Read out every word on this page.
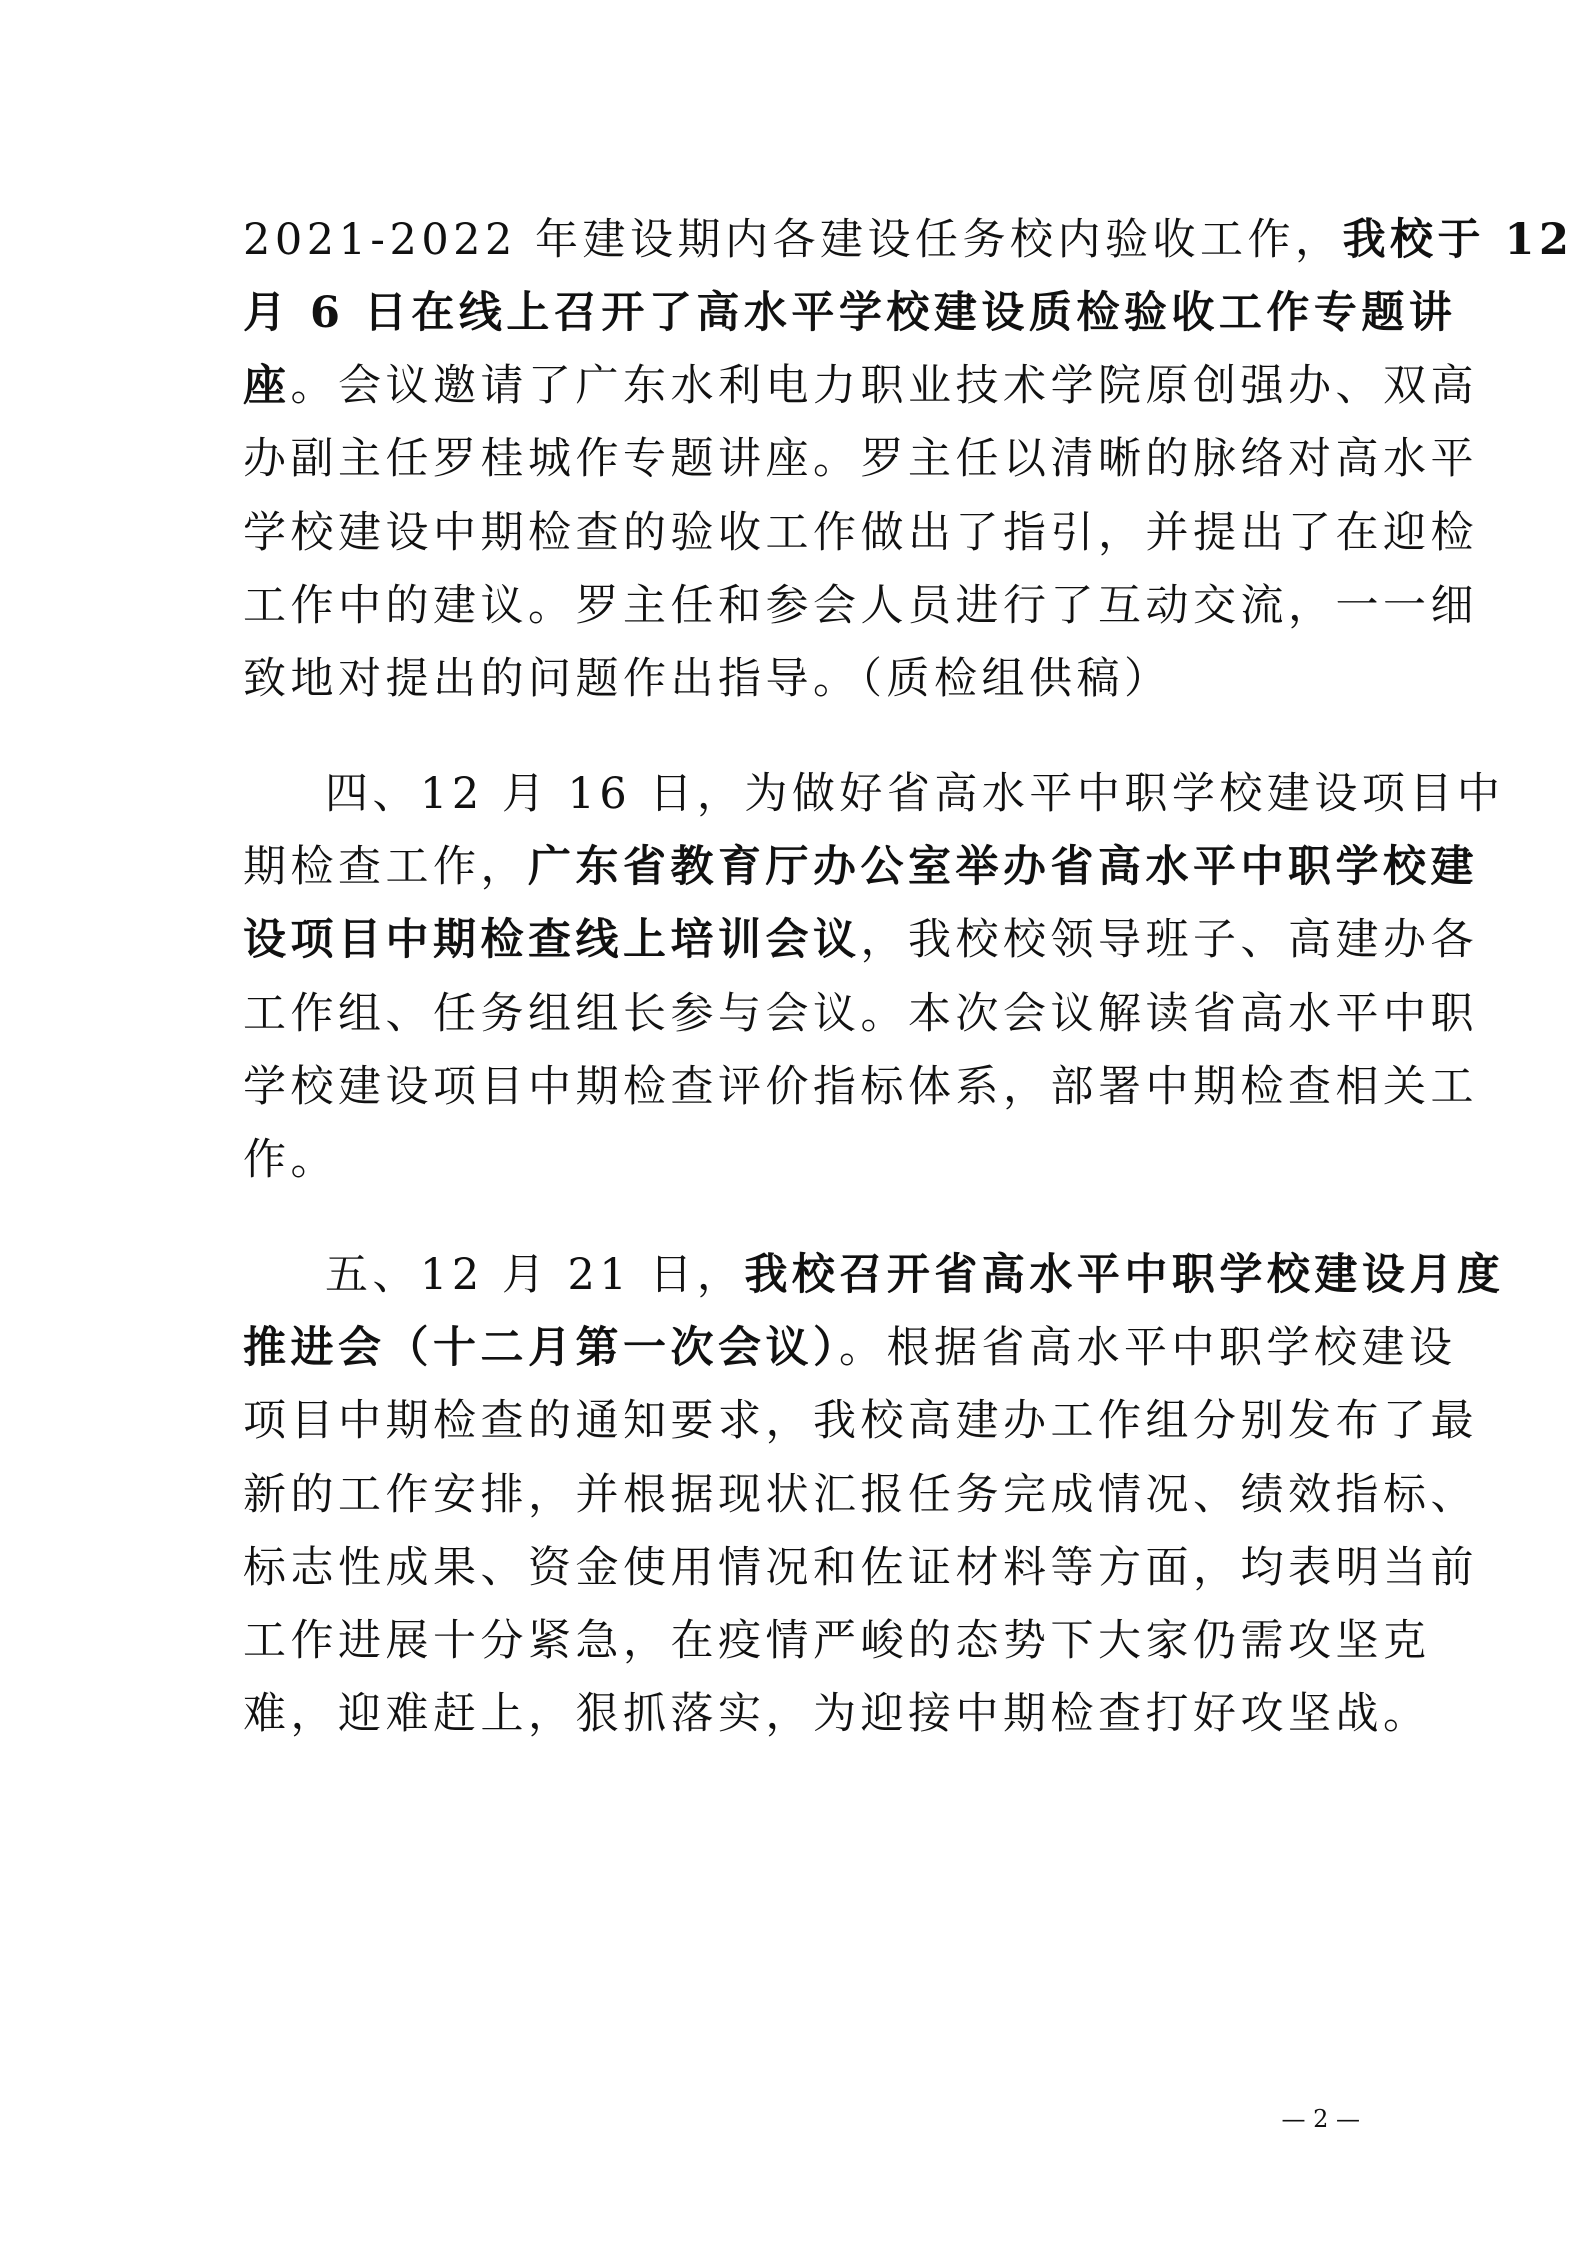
2021-2022 年建设期内各建设任务校内验收工作，我校于 12
月 6 日在线上召开了高水平学校建设质检验收工作专题讲
座。会议邀请了广东水利电力职业技术学院原创强办、双高
办副主任罗桂城作专题讲座。罗主任以清晰的脉络对高水平
学校建设中期检查的验收工作做出了指引，并提出了在迎检
工作中的建议。罗主任和参会人员进行了互动交流，一一细
致地对提出的问题作出指导。（质检组供稿）
四、12 月 16 日，为做好省高水平中职学校建设项目中
期检查工作，广东省教育厅办公室举办省高水平中职学校建
设项目中期检查线上培训会议，我校校领导班子、高建办各
工作组、任务组组长参与会议。本次会议解读省高水平中职
学校建设项目中期检查评价指标体系，部署中期检查相关工
作。
五、12 月 21 日，我校召开省高水平中职学校建设月度
推进会（十二月第一次会议）。根据省高水平中职学校建设
项目中期检查的通知要求，我校高建办工作组分别发布了最
新的工作安排，并根据现状汇报任务完成情况、绩效指标、
标志性成果、资金使用情况和佐证材料等方面，均表明当前
工作进展十分紧急，在疫情严峻的态势下大家仍需攻坚克
难，迎难赶上，狠抓落实，为迎接中期检查打好攻坚战。
— 2 —
